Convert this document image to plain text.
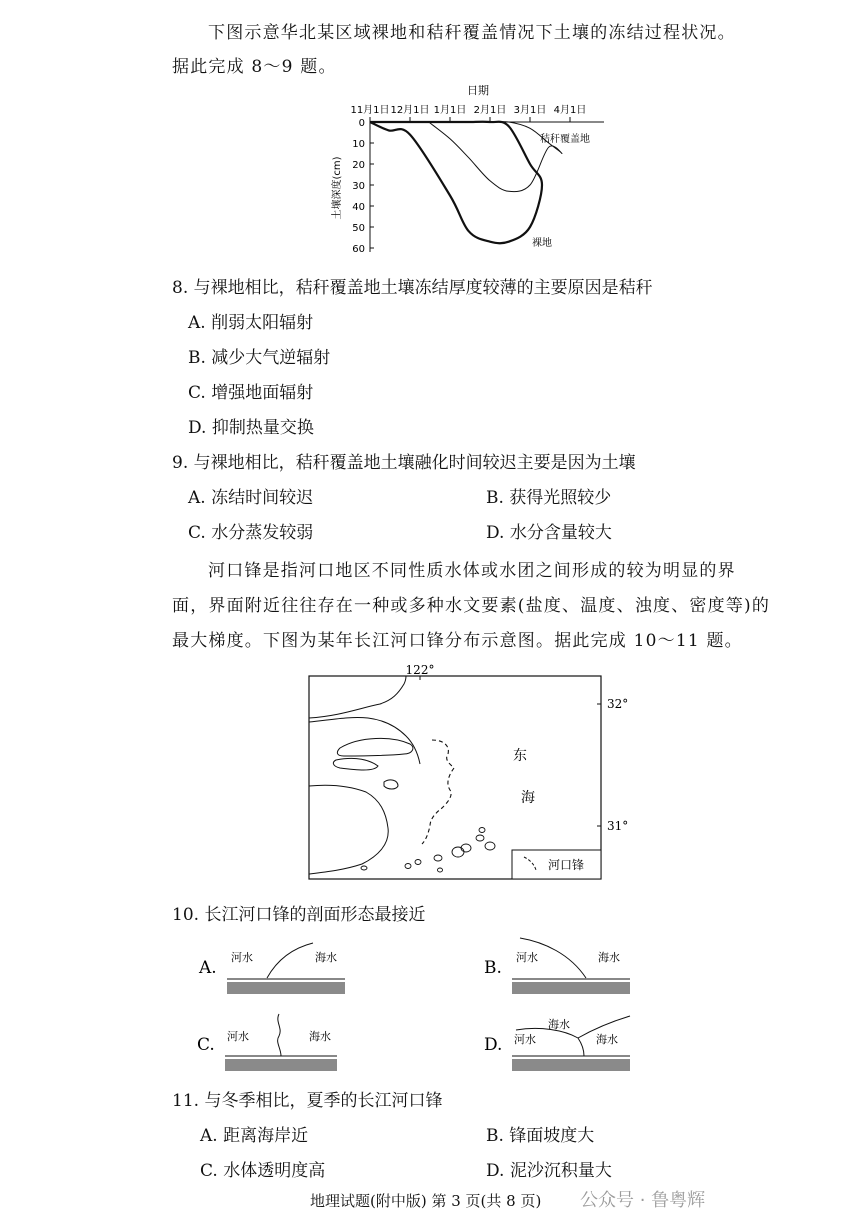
下图示意华北某区域裸地和秸秆覆盖情况下土壤的冻结过程状况。
据此完成 8～9 题。
日期
11月1日 12月1日 1月1日 2月1日 3月1日 4月1日
0
10
20
30
40
50
60
土壤深度(cm)
秸秆覆盖地
裸地
8. 与裸地相比，秸秆覆盖地土壤冻结厚度较薄的主要原因是秸秆
A. 削弱太阳辐射
B. 减少大气逆辐射
C. 增强地面辐射
D. 抑制热量交换
9. 与裸地相比，秸秆覆盖地土壤融化时间较迟主要是因为土壤
A. 冻结时间较迟	B. 获得光照较少
C. 水分蒸发较弱	D. 水分含量较大
河口锋是指河口地区不同性质水体或水团之间形成的较为明显的界
面，界面附近往往存在一种或多种水文要素(盐度、温度、浊度、密度等)的
最大梯度。下图为某年长江河口锋分布示意图。据此完成 10～11 题。
122°
32°
31°
东
海
河口锋
10. 长江河口锋的剖面形态最接近
A.
河水	海水
B.
河水	海水
C. 河水	海水	D.
海水
河水	海水
11. 与冬季相比，夏季的长江河口锋
A. 距离海岸近	B. 锋面坡度大
C. 水体透明度高	D. 泥沙沉积量大
地理试题(附中版) 第 3 页(共 8 页) 公众号 · 鲁粤辉
